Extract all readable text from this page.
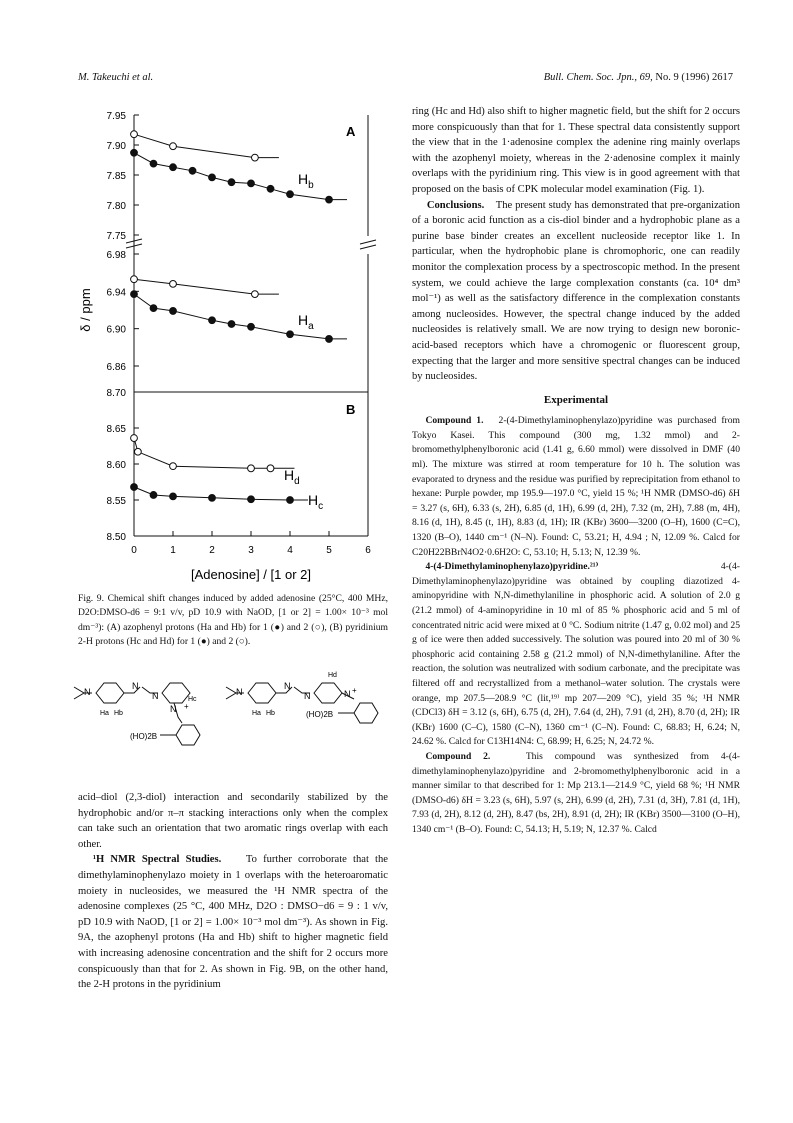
M. Takeuchi et al.	Bull. Chem. Soc. Jpn., 69, No. 9 (1996) 2617
7.95
7.90
7.85
7.80
7.75
6.98
6.94
6.90
6.86
8.70
8.65
8.60
8.55
8.50
0	1	2	3	4	5	6
A
B
$H_b$
$H_a$
$H_d$
$H_c$
δ / ppm
[Adenosine] / [1 or 2]
Fig. 9. Chemical shift changes induced by added adenosine (25°C, 400 MHz, D2O:DMSO-d6 = 9:1 v/v, pD 10.9 with NaOD, [1 or 2] = 1.00× 10⁻³ mol dm⁻³): (A) azophenyl protons (Ha and Hb) for 1 (●) and 2 (○), (B) pyridinium 2-H protons (Hc and Hd) for 1 (●) and 2 (○).
N
N
N
N +
Ha Hb
Hc
(HO)2B
N
N
N	N +
Ha Hb
Hd
(HO)2B

acid–diol (2,3-diol) interaction and secondarily stabilized by the hydrophobic and/or π–π stacking interactions only when the complex can take such an orientation that two aromatic rings overlap with each other.

¹H NMR Spectral Studies. To further corroborate that the dimethylaminophenylazo moiety in 1 overlaps with the heteroaromatic moiety in nucleosides, we measured the ¹H NMR spectra of the adenosine complexes (25 °C, 400 MHz, D2O : DMSO−d6 = 9 : 1 v/v, pD 10.9 with NaOD, [1 or 2] = 1.00× 10⁻³ mol dm⁻³). As shown in Fig. 9A, the azophenyl protons (Ha and Hb) shift to higher magnetic field with increasing adenosine concentration and the shift for 2 occurs more conspicuously than that for 2. As shown in Fig. 9B, on the other hand, the 2-H protons in the pyridinium

ring (Hc and Hd) also shift to higher magnetic field, but the shift for 2 occurs more conspicuously than that for 1. These spectral data consistently support the view that in the 1·adenosine complex the adenine ring mainly overlaps with the azophenyl moiety, whereas in the 2·adenosine complex it mainly overlaps with the pyridinium ring. This view is in good agreement with that proposed on the basis of CPK molecular model examination (Fig. 1).

Conclusions. The present study has demonstrated that pre-organization of a boronic acid function as a cis-diol binder and a hydrophobic plane as a purine base binder creates an excellent nucleoside receptor like 1. In particular, when the hydrophobic plane is chromophoric, one can readily monitor the complexation process by a spectroscopic method. In the present system, we could achieve the large complexation constants (ca. 10⁴ dm³ mol⁻¹) as well as the satisfactory difference in the complexation constants among nucleosides. However, the spectral change induced by the added nucleosides is relatively small. We are now trying to design new boronic-acid-based receptors which have a chromogenic or fluorescent group, expecting that the larger and more sensitive spectral changes can be induced by nucleosides.

Experimental

Compound 1. 2-(4-Dimethylaminophenylazo)pyridine was purchased from Tokyo Kasei. This compound (300 mg, 1.32 mmol) and 2-bromomethylphenylboronic acid (1.41 g, 6.60 mmol) were dissolved in DMF (40 ml). The mixture was stirred at room temperature for 10 h. The solution was evaporated to dryness and the residue was purified by reprecipitation from ethanol to hexane: Purple powder, mp 195.9—197.0 °C, yield 15 %; ¹H NMR (DMSO-d6) δH = 3.27 (s, 6H), 6.33 (s, 2H), 6.85 (d, 1H), 6.99 (d, 2H), 7.32 (m, 2H), 7.88 (m, 4H), 8.16 (d, 1H), 8.45 (t, 1H), 8.83 (d, 1H); IR (KBr) 3600—3200 (O–H), 1600 (C=C), 1320 (B–O), 1440 cm⁻¹ (N–N). Found: C, 53.21; H, 4.94 ; N, 12.09 %. Calcd for C20H22BBrN4O2·0.6H2O: C, 53.10; H, 5.13; N, 12.39 %.

4-(4-Dimethylaminophenylazo)pyridine.²¹⁾	4-(4-Dimethylaminophenylazo)pyridine was obtained by coupling diazotized 4-aminopyridine with N,N-dimethylaniline in phosphoric acid. A solution of 2.0 g (21.2 mmol) of 4-aminopyridine in 10 ml of 85 % phosphoric acid and 5 ml of concentrated nitric acid were mixed at 0 °C. Sodium nitrite (1.47 g, 0.02 mol) and 25 g of ice were then added successively. The solution was poured into 20 ml of 30 % phosphoric acid containing 2.58 g (21.2 mmol) of N,N-dimethylaniline. After the reaction, the solution was neutralized with sodium carbonate, and the precipitate was filtered off and recrystallized from a methanol–water solution. The crystals were orange, mp 207.5—208.9 °C (lit,¹⁹⁾ mp 207—209 °C), yield 35 %; ¹H NMR (CDCl3) δH = 3.12 (s, 6H), 6.75 (d, 2H), 7.64 (d, 2H), 7.91 (d, 2H), 8.70 (d, 2H); IR (KBr) 1600 (C–C), 1580 (C–N), 1360 cm⁻¹ (C–N). Found: C, 68.83; H, 6.24; N, 24.62 %. Calcd for C13H14N4: C, 68.99; H, 6.25; N, 24.72 %.

Compound 2.	This compound was synthesized from 4-(4-dimethylaminophenylazo)pyridine and 2-bromomethylphenylboronic acid in a manner similar to that described for 1: Mp 213.1—214.9 °C, yield 68 %; ¹H NMR (DMSO-d6) δH = 3.23 (s, 6H), 5.97 (s, 2H), 6.99 (d, 2H), 7.31 (d, 3H), 7.81 (d, 1H), 7.93 (d, 2H), 8.12 (d, 2H), 8.47 (bs, 2H), 8.91 (d, 2H); IR (KBr) 3500—3100 (O–H), 1340 cm⁻¹ (B–O). Found: C, 54.13; H, 5.19; N, 12.37 %. Calcd
